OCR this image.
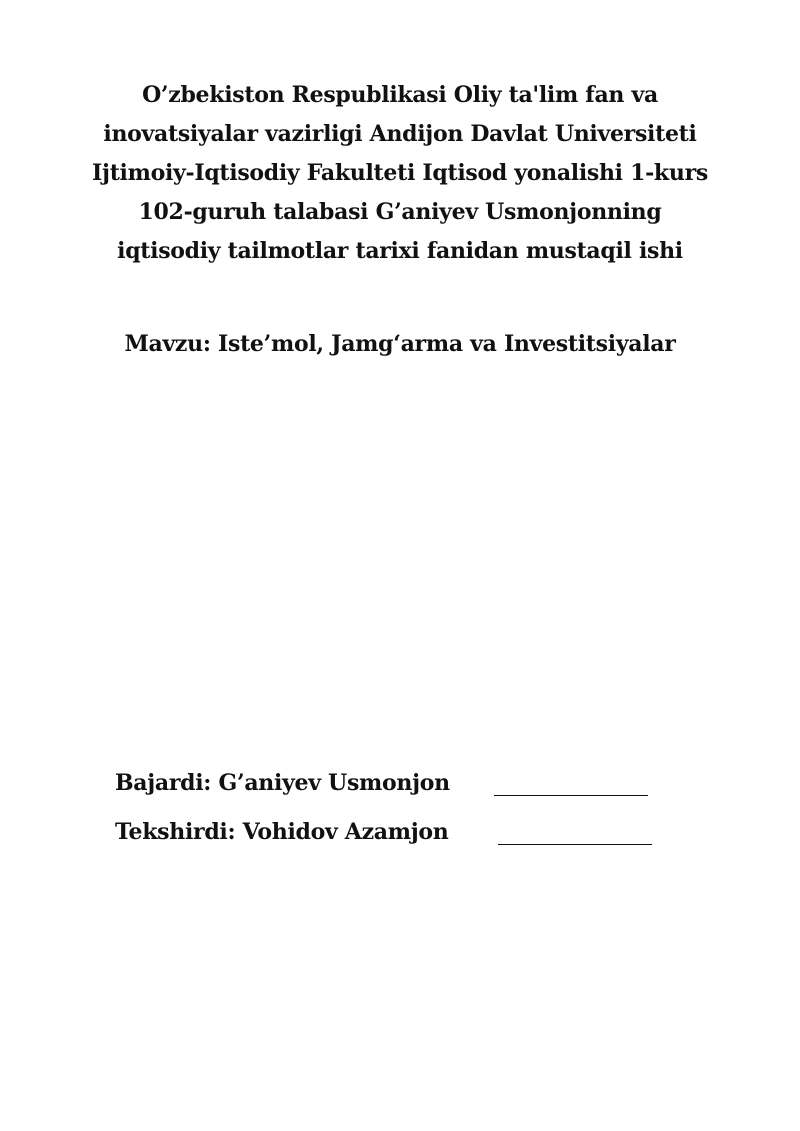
O’zbekiston Respublikasi Oliy ta'lim fan va
inovatsiyalar vazirligi Andijon Davlat Universiteti
Ijtimoiy-Iqtisodiy Fakulteti Iqtisod yonalishi 1-kurs
102-guruh talabasi G’aniyev Usmonjonning
iqtisodiy tailmotlar tarixi fanidan mustaqil ishi
Mavzu: Iste’mol, Jamg‘arma va Investitsiyalar
Bajardi: G’aniyev Usmonjon
Tekshirdi: Vohidov Azamjon
